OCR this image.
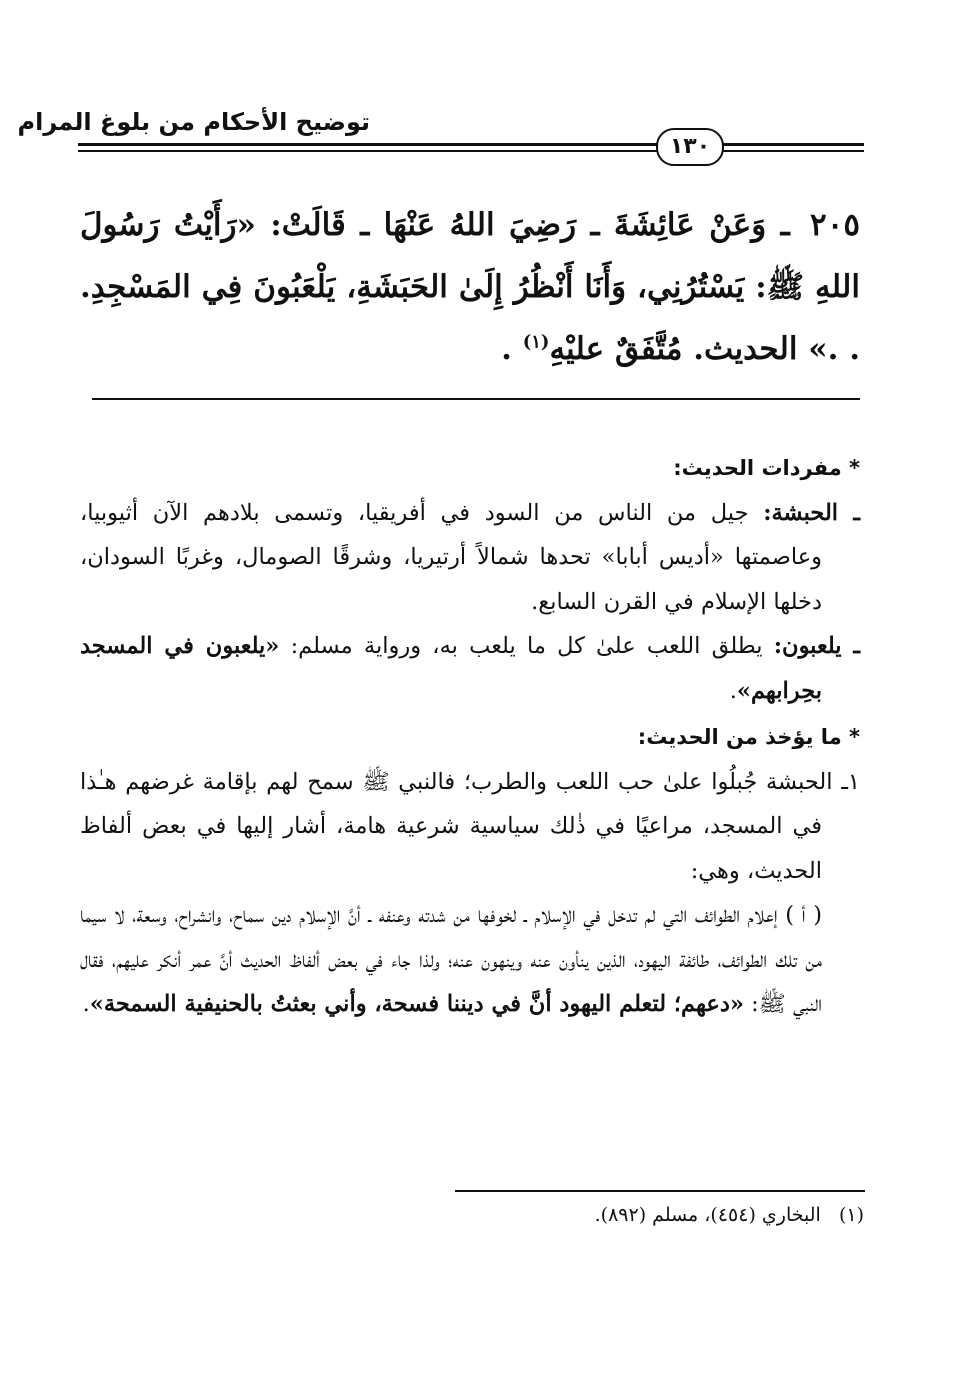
توضيح الأحكام من بلوغ المرام
١٣٠
٢٠٥ ـ وَعَنْ عَائِشَةَ ـ رَضِيَ اللهُ عَنْهَا ـ قَالَتْ: «رَأَيْتُ رَسُولَ اللهِ ﷺ: يَسْتُرُنِي، وَأَنَا أَنْظُرُ إِلَىٰ الحَبَشَةِ، يَلْعَبُونَ فِي المَسْجِدِ. . .» الحديث. مُتَّفَقٌ عليْهِ$^{(١)}$ .

* مفردات الحديث:

ـ الحبشة: جيل من الناس من السود في أفريقيا، وتسمى بلادهم الآن أثيوبيا، وعاصمتها «أديس أبابا» تحدها شمالاً أرتيريا، وشرقًا الصومال، وغربًا السودان، دخلها الإسلام في القرن السابع.

ـ يلعبون: يطلق اللعب علىٰ كل ما يلعب به، ورواية مسلم: «يلعبون في المسجد بحِرابهم».

* ما يؤخذ من الحديث:

١ـ الحبشة جُبلُوا علىٰ حب اللعب والطرب؛ فالنبي ﷺ سمح لهم بإقامة غرضهم هـٰذا في المسجد، مراعيًا في ذٰلك سياسية شرعية هامة، أشار إليها في بعض ألفاظ الحديث، وهي:

( أ ) إعلام الطوائف التي لم تدخل في الإسلام ـ لخوفها من شدته وعنفه ـ أنَّ الإسلام دين سماح، وانشراح، وسعة، لا سيما من تلك الطوائف، طائفة اليهود، الذين ينأون عنه وينهون عنه؛ ولذا جاء في بعض ألفاظ الحديث أنَّ عمر أنكر عليهم، فقال النبي ﷺ: «دعهم؛ لتعلم اليهود أنَّ في ديننا فسحة، وأني بعثتُ بالحنيفية السمحة».

(١)   البخاري (٤٥٤)، مسلم (٨٩٢).
